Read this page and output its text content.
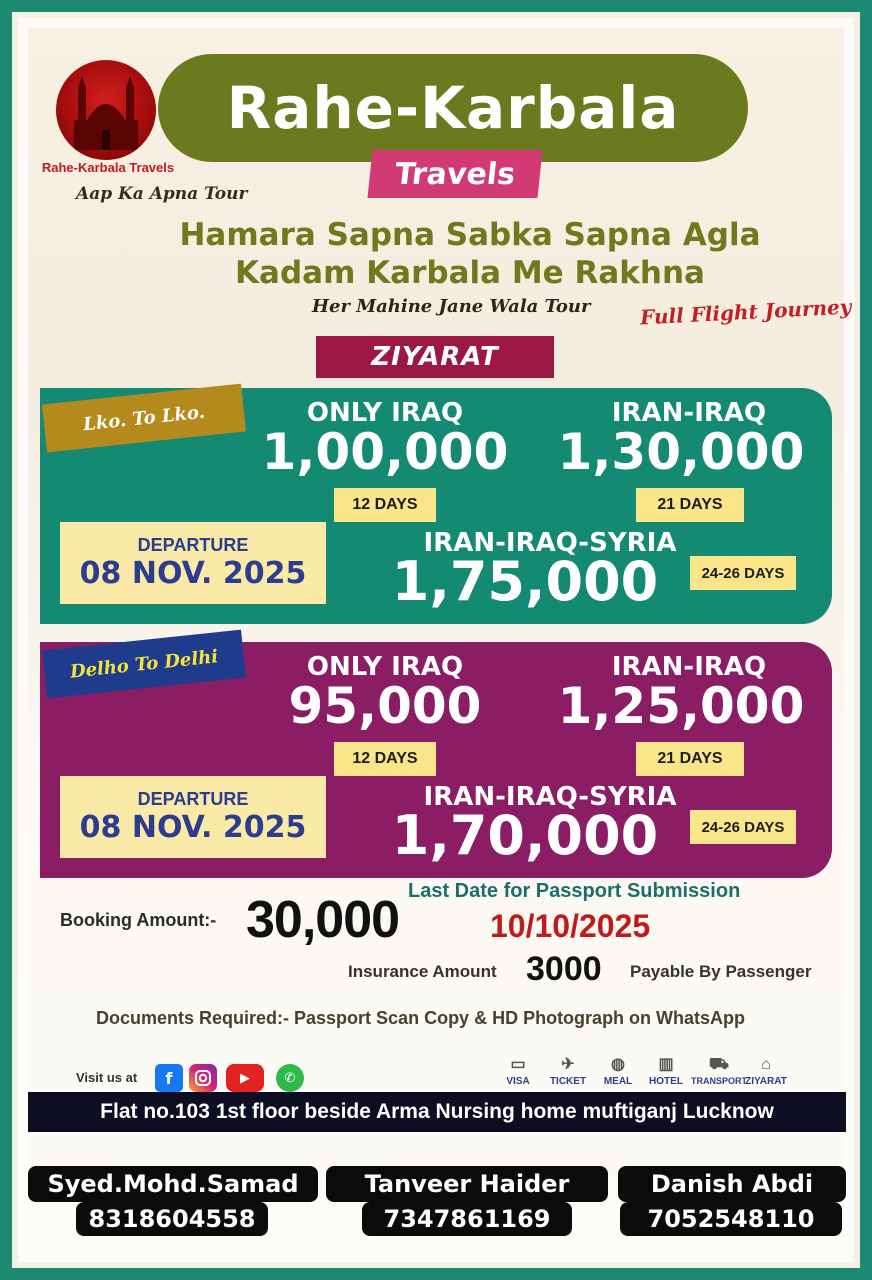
Rahe-Karbala Travels
Aap Ka Apna Tour
Rahe-Karbala
Travels
Hamara Sapna Sabka Sapna Agla
Kadam Karbala Me Rakhna
Her Mahine Jane Wala Tour Full Flight Journey
ZIYARAT
Lko. To Lko.	ONLY IRAQ
1,00,000
12 DAYS
IRAN-IRAQ
1,30,000
21 DAYS
DEPARTURE
08 NOV. 2025
IRAN-IRAQ-SYRIA
1,75,000	24-26 DAYS
Delho To Delhi	ONLY IRAQ
95,000
12 DAYS
IRAN-IRAQ
1,25,000
21 DAYS
DEPARTURE
08 NOV. 2025
IRAN-IRAQ-SYRIA
1,70,000	24-26 DAYS
Booking Amount:- 30,000 Last Date for Passport Submission
10/10/2025
Insurance Amount 3000 Payable By Passenger
Documents Required:- Passport Scan Copy & HD Photograph on WhatsApp
Visit us at	f	▶	✆
▭
VISA
✈
TICKET
◍
MEAL
▥
HOTEL
⛟
TRANSPORT
⌂
ZIYARAT
Flat no.103 1st floor beside Arma Nursing home muftiganj Lucknow
Syed.Mohd.Samad
8318604558
Tanveer Haider
7347861169
Danish Abdi
7052548110
